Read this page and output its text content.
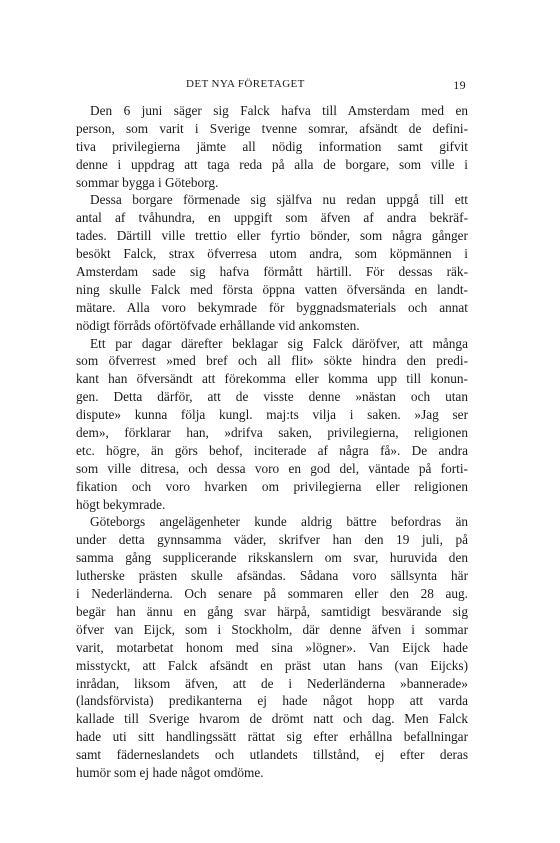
DET NYA FÖRETAGET	19
Den 6 juni säger sig Falck hafva till Amsterdam med en
person, som varit i Sverige tvenne somrar, afsändt de defini-
tiva privilegierna jämte all nödig information samt gifvit
denne i uppdrag att taga reda på alla de borgare, som ville i
sommar bygga i Göteborg.
Dessa borgare förmenade sig själfva nu redan uppgå till ett
antal af tvåhundra, en uppgift som äfven af andra bekräf-
tades. Därtill ville trettio eller fyrtio bönder, som några gånger
besökt Falck, strax öfverresa utom andra, som köpmännen i
Amsterdam sade sig hafva förmått härtill. För dessas räk-
ning skulle Falck med första öppna vatten öfversända en landt-
mätare. Alla voro bekymrade för byggnadsmaterials och annat
nödigt förråds oförtöfvade erhållande vid ankomsten.
Ett par dagar därefter beklagar sig Falck däröfver, att många
som öfverrest »med bref och all flit» sökte hindra den predi-
kant han öfversändt att förekomma eller komma upp till konun-
gen. Detta därför, att de visste denne »nästan och utan
dispute» kunna följa kungl. maj:ts vilja i saken. »Jag ser
dem», förklarar han, »drifva saken, privilegierna, religionen
etc. högre, än görs behof, inciterade af några få». De andra
som ville ditresa, och dessa voro en god del, väntade på forti-
fikation och voro hvarken om privilegierna eller religionen
högt bekymrade.
Göteborgs angelägenheter kunde aldrig bättre befordras än
under detta gynnsamma väder, skrifver han den 19 juli, på
samma gång supplicerande rikskanslern om svar, huruvida den
lutherske prästen skulle afsändas. Sådana voro sällsynta här
i Nederländerna. Och senare på sommaren eller den 28 aug.
begär han ännu en gång svar härpå, samtidigt besvärande sig
öfver van Eijck, som i Stockholm, där denne äfven i sommar
varit, motarbetat honom med sina »lögner». Van Eijck hade
misstyckt, att Falck afsändt en präst utan hans (van Eijcks)
inrådan, liksom äfven, att de i Nederländerna »bannerade»
(landsförvista) predikanterna ej hade något hopp att varda
kallade till Sverige hvarom de drömt natt och dag. Men Falck
hade uti sitt handlingssätt rättat sig efter erhållna befallningar
samt fäderneslandets och utlandets tillstånd, ej efter deras
humör som ej hade något omdöme.
